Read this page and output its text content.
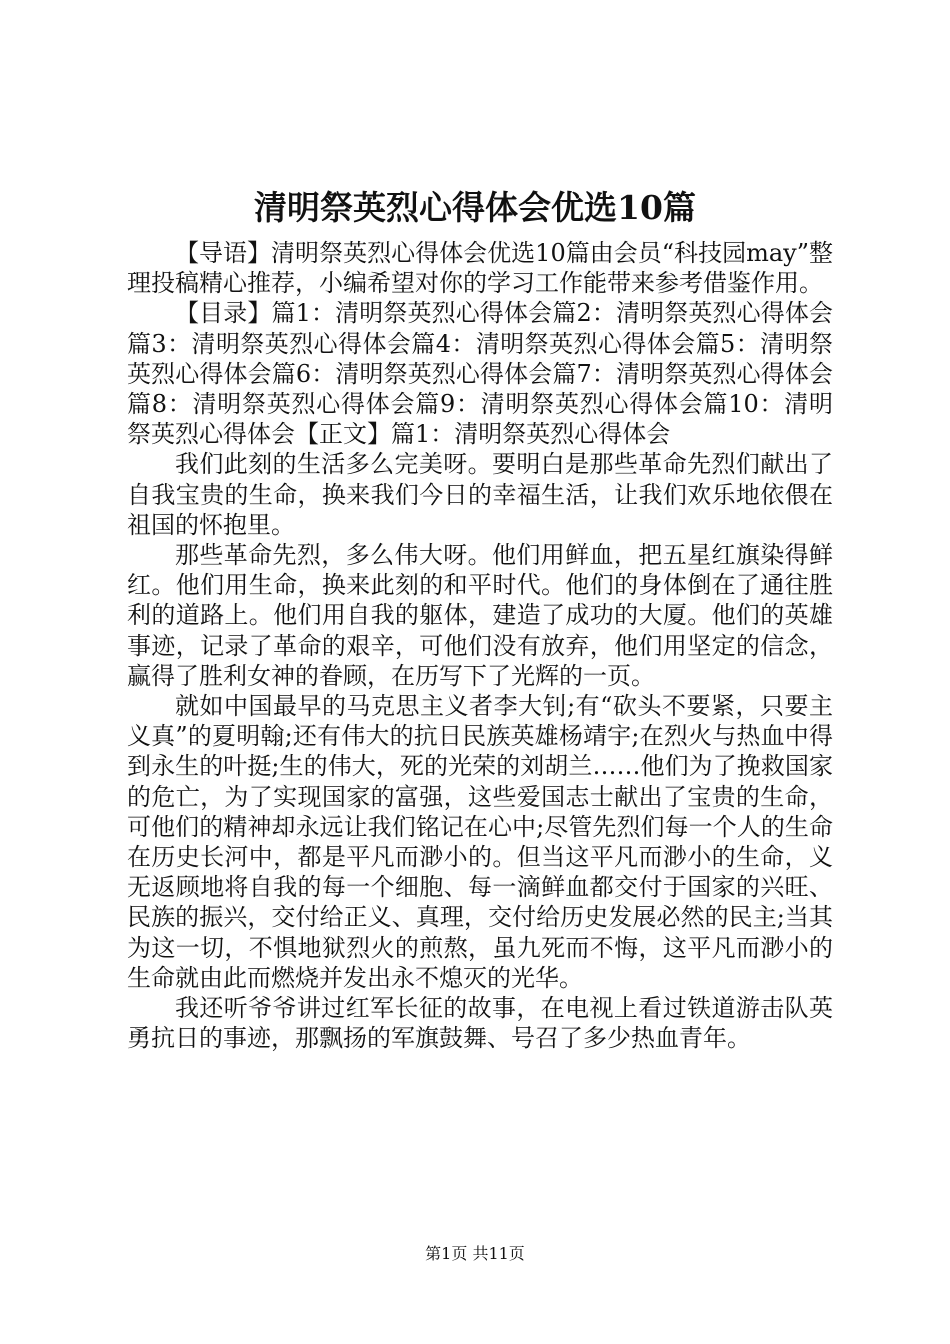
清明祭英烈心得体会优选10篇

【导语】清明祭英烈心得体会优选10篇由会员“科技园may”整理投稿精心推荐，小编希望对你的学习工作能带来参考借鉴作用。

【目录】篇1：清明祭英烈心得体会篇2：清明祭英烈心得体会篇3：清明祭英烈心得体会篇4：清明祭英烈心得体会篇5：清明祭英烈心得体会篇6：清明祭英烈心得体会篇7：清明祭英烈心得体会篇8：清明祭英烈心得体会篇9：清明祭英烈心得体会篇10：清明祭英烈心得体会【正文】篇1：清明祭英烈心得体会

我们此刻的生活多么完美呀。要明白是那些革命先烈们献出了自我宝贵的生命，换来我们今日的幸福生活，让我们欢乐地依偎在祖国的怀抱里。

那些革命先烈，多么伟大呀。他们用鲜血，把五星红旗染得鲜红。他们用生命，换来此刻的和平时代。他们的身体倒在了通往胜利的道路上。他们用自我的躯体，建造了成功的大厦。他们的英雄事迹，记录了革命的艰辛，可他们没有放弃，他们用坚定的信念，赢得了胜利女神的眷顾，在历写下了光辉的一页。

就如中国最早的马克思主义者李大钊;有“砍头不要紧，只要主义真”的夏明翰;还有伟大的抗日民族英雄杨靖宇;在烈火与热血中得到永生的叶挺;生的伟大，死的光荣的刘胡兰……他们为了挽救国家的危亡，为了实现国家的富强，这些爱国志士献出了宝贵的生命，可他们的精神却永远让我们铭记在心中;尽管先烈们每一个人的生命在历史长河中，都是平凡而渺小的。但当这平凡而渺小的生命，义无返顾地将自我的每一个细胞、每一滴鲜血都交付于国家的兴旺、民族的振兴，交付给正义、真理，交付给历史发展必然的民主;当其为这一切，不惧地狱烈火的煎熬，虽九死而不悔，这平凡而渺小的生命就由此而燃烧并发出永不熄灭的光华。

我还听爷爷讲过红军长征的故事，在电视上看过铁道游击队英勇抗日的事迹，那飘扬的军旗鼓舞、号召了多少热血青年。

第1页 共11页
